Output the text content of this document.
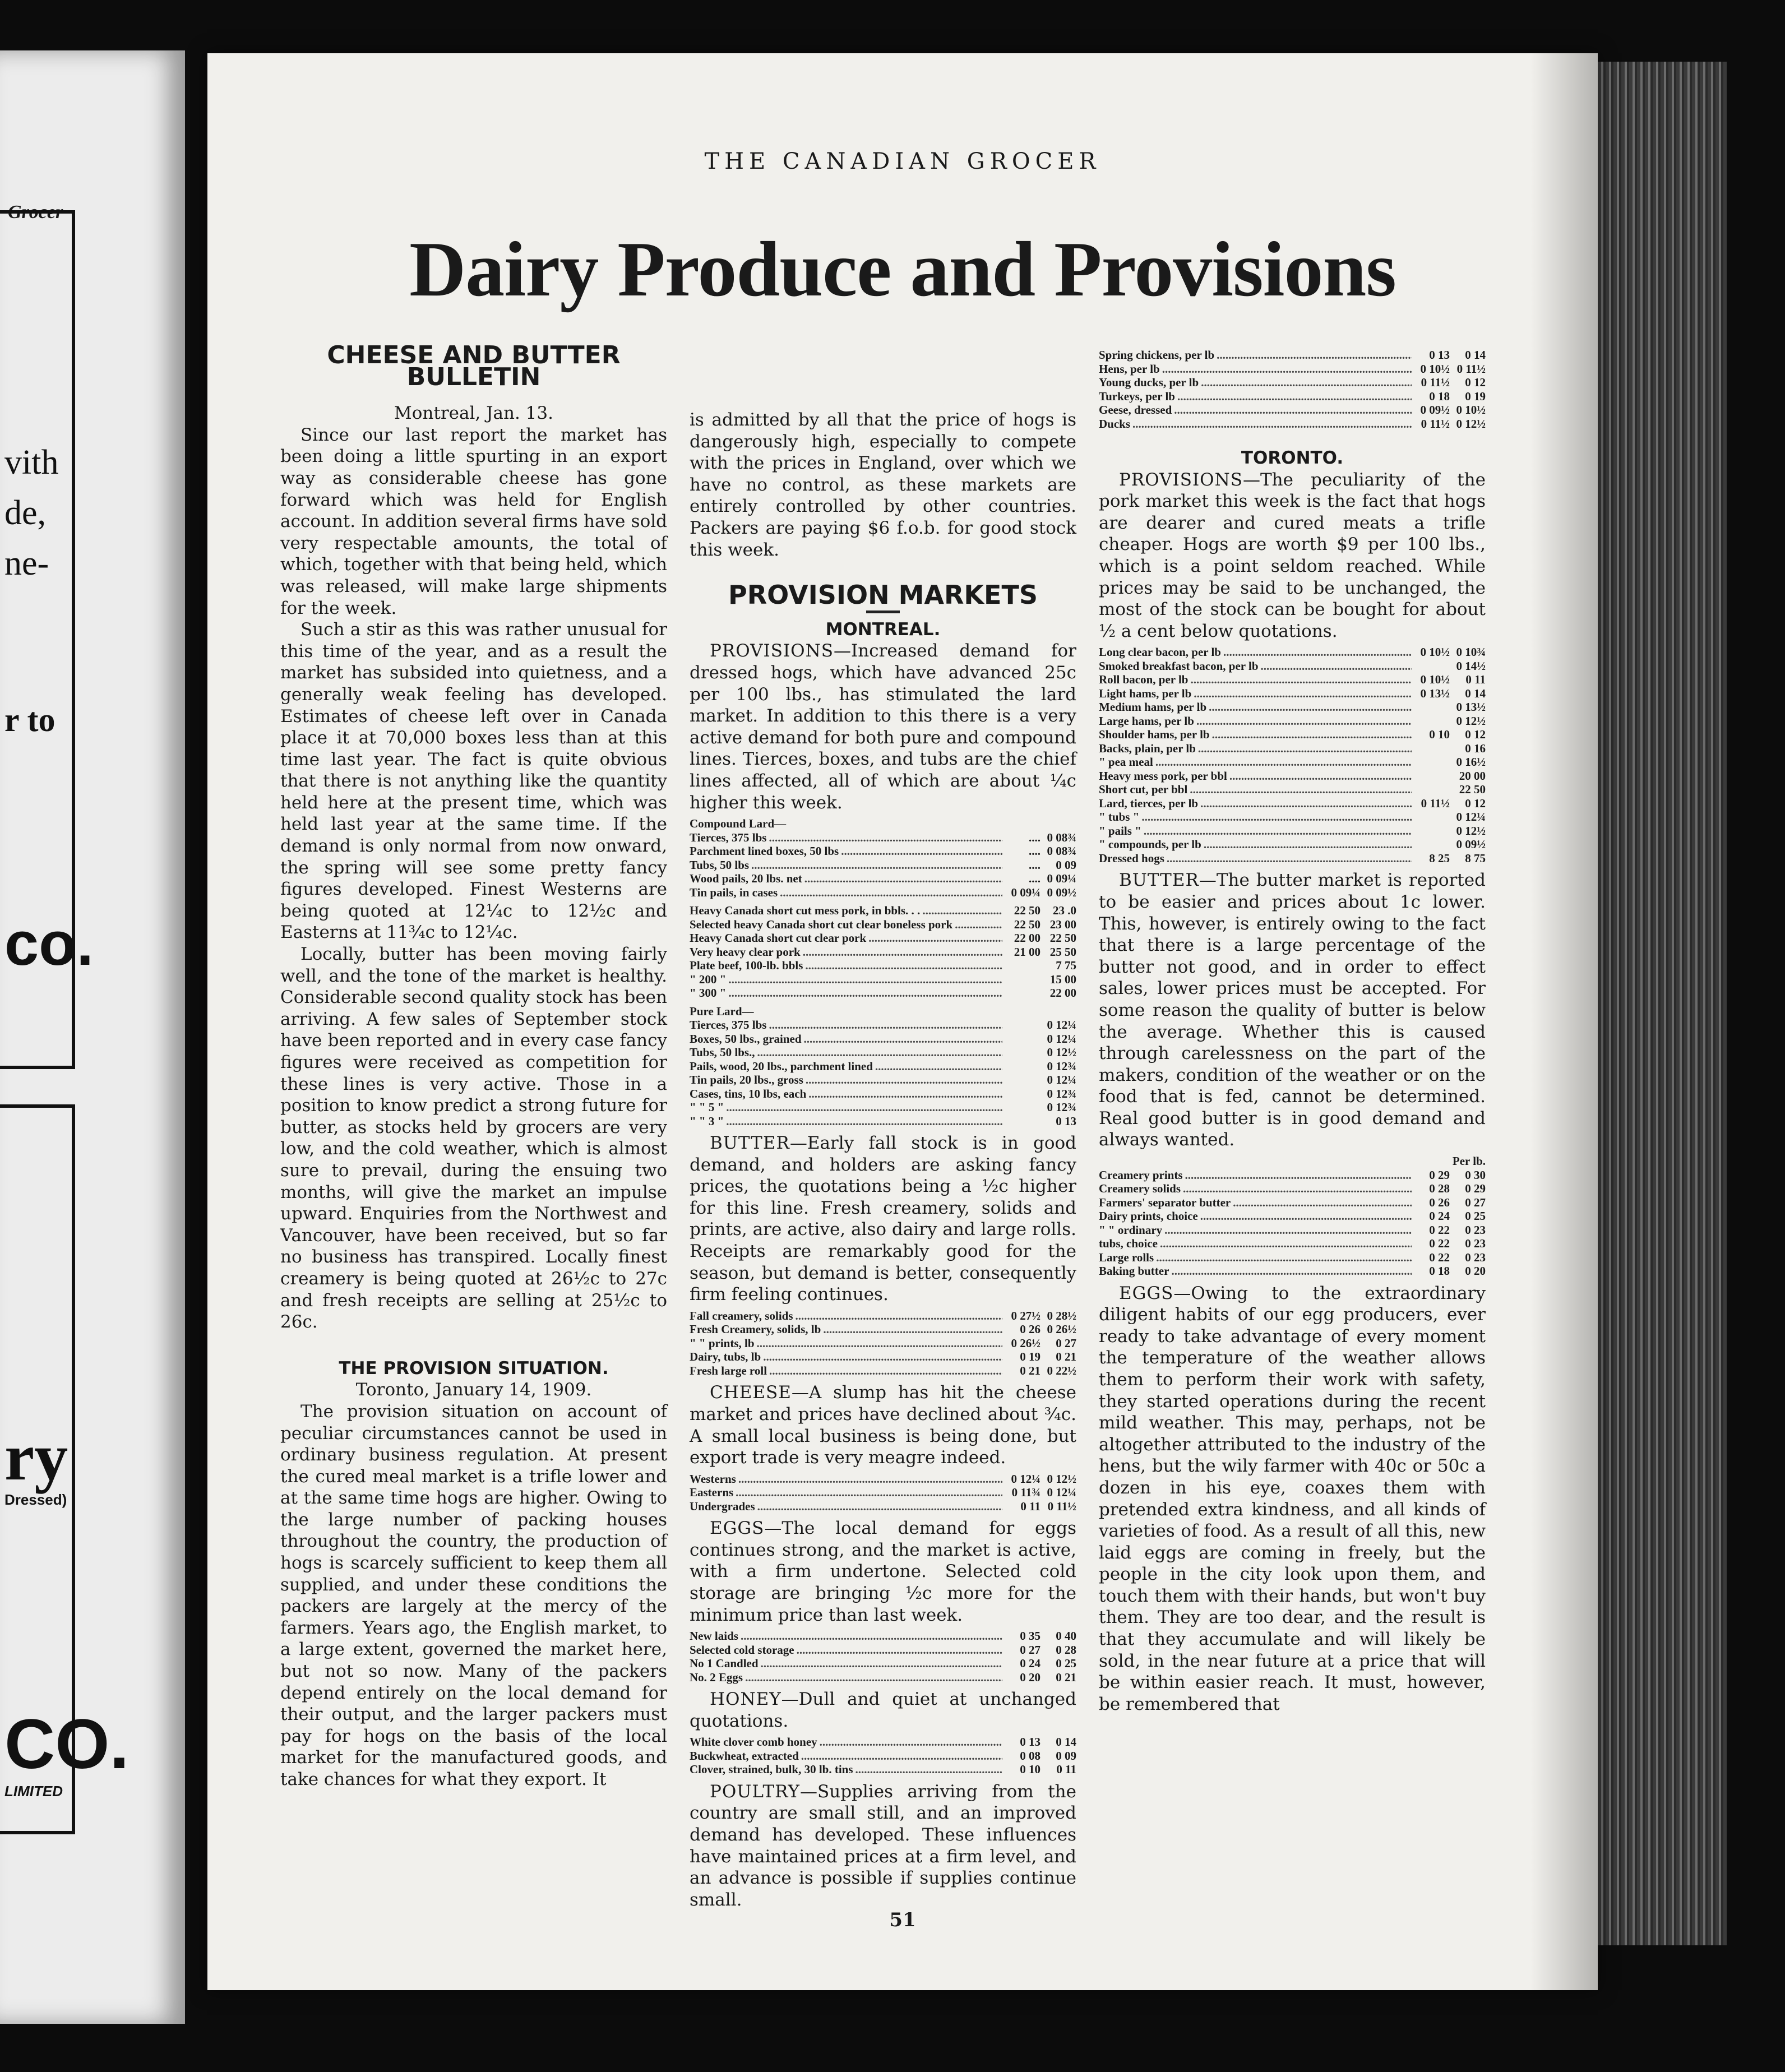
Grocer
vith
de,
ne-
r to
co.
ry
Dressed)
CO.
LIMITED
THE CANADIAN GROCER
Dairy Produce and Provisions
CHEESE AND BUTTER BULLETIN
Montreal, Jan. 13.

Since our last report the market has been doing a little spurting in an export way as considerable cheese has gone forward which was held for English account. In addition several firms have sold very respectable amounts, the total of which, together with that being held, which was released, will make large shipments for the week.

Such a stir as this was rather unusual for this time of the year, and as a result the market has subsided into quietness, and a generally weak feeling has developed. Estimates of cheese left over in Canada place it at 70,000 boxes less than at this time last year. The fact is quite obvious that there is not anything like the quantity held here at the present time, which was held last year at the same time. If the demand is only normal from now onward, the spring will see some pretty fancy figures developed. Finest Westerns are being quoted at 12¼c to 12½c and Easterns at 11¾c to 12¼c.

Locally, butter has been moving fairly well, and the tone of the market is healthy. Considerable second quality stock has been arriving. A few sales of September stock have been reported and in every case fancy figures were received as competition for these lines is very active. Those in a position to know predict a strong future for butter, as stocks held by grocers are very low, and the cold weather, which is almost sure to prevail, during the ensuing two months, will give the market an impulse upward. Enquiries from the Northwest and Vancouver, have been received, but so far no business has transpired. Locally finest creamery is being quoted at 26½c to 27c and fresh receipts are selling at 25½c to 26c.

THE PROVISION SITUATION.
Toronto, January 14, 1909.

The provision situation on account of peculiar circumstances cannot be used in ordinary business regulation. At present the cured meal market is a trifle lower and at the same time hogs are higher. Owing to the large number of packing houses throughout the country, the production of hogs is scarcely sufficient to keep them all supplied, and under these conditions the packers are largely at the mercy of the farmers. Years ago, the English market, to a large extent, governed the market here, but not so now. Many of the packers depend entirely on the local demand for their output, and the larger packers must pay for hogs on the basis of the local market for the manufactured goods, and take chances for what they export. It

is admitted by all that the price of hogs is dangerously high, especially to compete with the prices in England, over which we have no control, as these markets are entirely controlled by other countries. Packers are paying $6 f.o.b. for good stock this week.

PROVISION MARKETS
MONTREAL.

PROVISIONS—Increased demand for dressed hogs, which have advanced 25c per 100 lbs., has stimulated the lard market. In addition to this there is a very active demand for both pure and compound lines. Tierces, boxes, and tubs are the chief lines affected, all of which are about ¼c higher this week.

Compound Lard—
Tierces, 375 lbs .....	.... 0 08¾
Parchment lined boxes, 50 lbs .....	.... 0 08¾
Tubs, 50 lbs .....	....	0 09
Wood pails, 20 lbs. net .....	.... 0 09¼
Tin pails, in cases .....	0 09¼ 0 09½
Heavy Canada short cut mess pork, in bbls. . . .....	22 50	23 .0
Selected heavy Canada short cut clear boneless pork .....	22 50 23 00
Heavy Canada short cut clear pork .....	22 00 22 50
Very heavy clear pork .....	21 00 25 50
Plate beef, 100-lb. bbls .....	7 75
" 200 " .....	15 00
" 300 " .....	22 00
Pure Lard—
Tierces, 375 lbs .....	0 12¼
Boxes, 50 lbs., grained .....	0 12¼
Tubs, 50 lbs., .....	0 12½
Pails, wood, 20 lbs., parchment lined .....	0 12¾
Tin pails, 20 lbs., gross .....	0 12¼
Cases, tins, 10 lbs, each .....	0 12¾
" " 5 " .....	0 12¾
" " 3 " .....	0 13

BUTTER—Early fall stock is in good demand, and holders are asking fancy prices, the quotations being a ½c higher for this line. Fresh creamery, solids and prints, are active, also dairy and large rolls. Receipts are remarkably good for the season, but demand is better, consequently firm feeling continues.

Fall creamery, solids .....	0 27½ 0 28½
Fresh Creamery, solids, lb .....	0 26 0 26½
" " prints, lb .....	0 26½	0 27
Dairy, tubs, lb .....	0 19	0 21
Fresh large roll .....	0 21 0 22½

CHEESE—A slump has hit the cheese market and prices have declined about ¾c. A small local business is being done, but export trade is very meagre indeed.

Westerns .....	0 12¼ 0 12½
Easterns .....	0 11¾ 0 12¼
Undergrades .....	0 11 0 11½

EGGS—The local demand for eggs continues strong, and the market is active, with a firm undertone. Selected cold storage are bringing ½c more for the minimum price than last week.

New laids .....	0 35	0 40
Selected cold storage .....	0 27	0 28
No 1 Candled .....	0 24	0 25
No. 2 Eggs .....	0 20	0 21

HONEY—Dull and quiet at unchanged quotations.

White clover comb honey .....	0 13	0 14
Buckwheat, extracted .....	0 08	0 09
Clover, strained, bulk, 30 lb. tins .....	0 10	0 11

POULTRY—Supplies arriving from the country are small still, and an improved demand has developed. These influences have maintained prices at a firm level, and an advance is possible if supplies continue small.

Spring chickens, per lb .....	0 13	0 14
Hens, per lb .....	0 10½ 0 11½
Young ducks, per lb .....	0 11½	0 12
Turkeys, per lb .....	0 18	0 19
Geese, dressed .....	0 09½ 0 10½
Ducks .....	0 11½ 0 12½
TORONTO.

PROVISIONS—The peculiarity of the pork market this week is the fact that hogs are dearer and cured meats a trifle cheaper. Hogs are worth $9 per 100 lbs., which is a point seldom reached. While prices may be said to be unchanged, the most of the stock can be bought for about ½ a cent below quotations.

Long clear bacon, per lb .....	0 10½ 0 10¾
Smoked breakfast bacon, per lb .....	0 14½
Roll bacon, per lb .....	0 10½	0 11
Light hams, per lb .....	0 13½	0 14
Medium hams, per lb .....	0 13½
Large hams, per lb .....	0 12½
Shoulder hams, per lb .....	0 10	0 12
Backs, plain, per lb .....	0 16
" pea meal .....	0 16½
Heavy mess pork, per bbl .....	20 00
Short cut, per bbl .....	22 50
Lard, tierces, per lb .....	0 11½	0 12
" tubs " .....	0 12¼
" pails " .....	0 12½
" compounds, per lb .....	0 09½
Dressed hogs .....	8 25	8 75

BUTTER—The butter market is reported to be easier and prices about 1c lower. This, however, is entirely owing to the fact that there is a large percentage of the butter not good, and in order to effect sales, lower prices must be accepted. For some reason the quality of butter is below the average. Whether this is caused through carelessness on the part of the makers, condition of the weather or on the food that is fed, cannot be determined. Real good butter is in good demand and always wanted.

Per lb.
Creamery prints .....	0 29	0 30
Creamery solids .....	0 28	0 29
Farmers' separator butter .....	0 26	0 27
Dairy prints, choice .....	0 24	0 25
" " ordinary .....	0 22	0 23
tubs, choice .....	0 22	0 23
Large rolls .....	0 22	0 23
Baking butter .....	0 18	0 20

EGGS—Owing to the extraordinary diligent habits of our egg producers, ever ready to take advantage of every moment the temperature of the weather allows them to perform their work with safety, they started operations during the recent mild weather. This may, perhaps, not be altogether attributed to the industry of the hens, but the wily farmer with 40c or 50c a dozen in his eye, coaxes them with pretended extra kindness, and all kinds of varieties of food. As a result of all this, new laid eggs are coming in freely, but the people in the city look upon them, and touch them with their hands, but won't buy them. They are too dear, and the result is that they accumulate and will likely be sold, in the near future at a price that will be within easier reach. It must, however, be remembered that

51
